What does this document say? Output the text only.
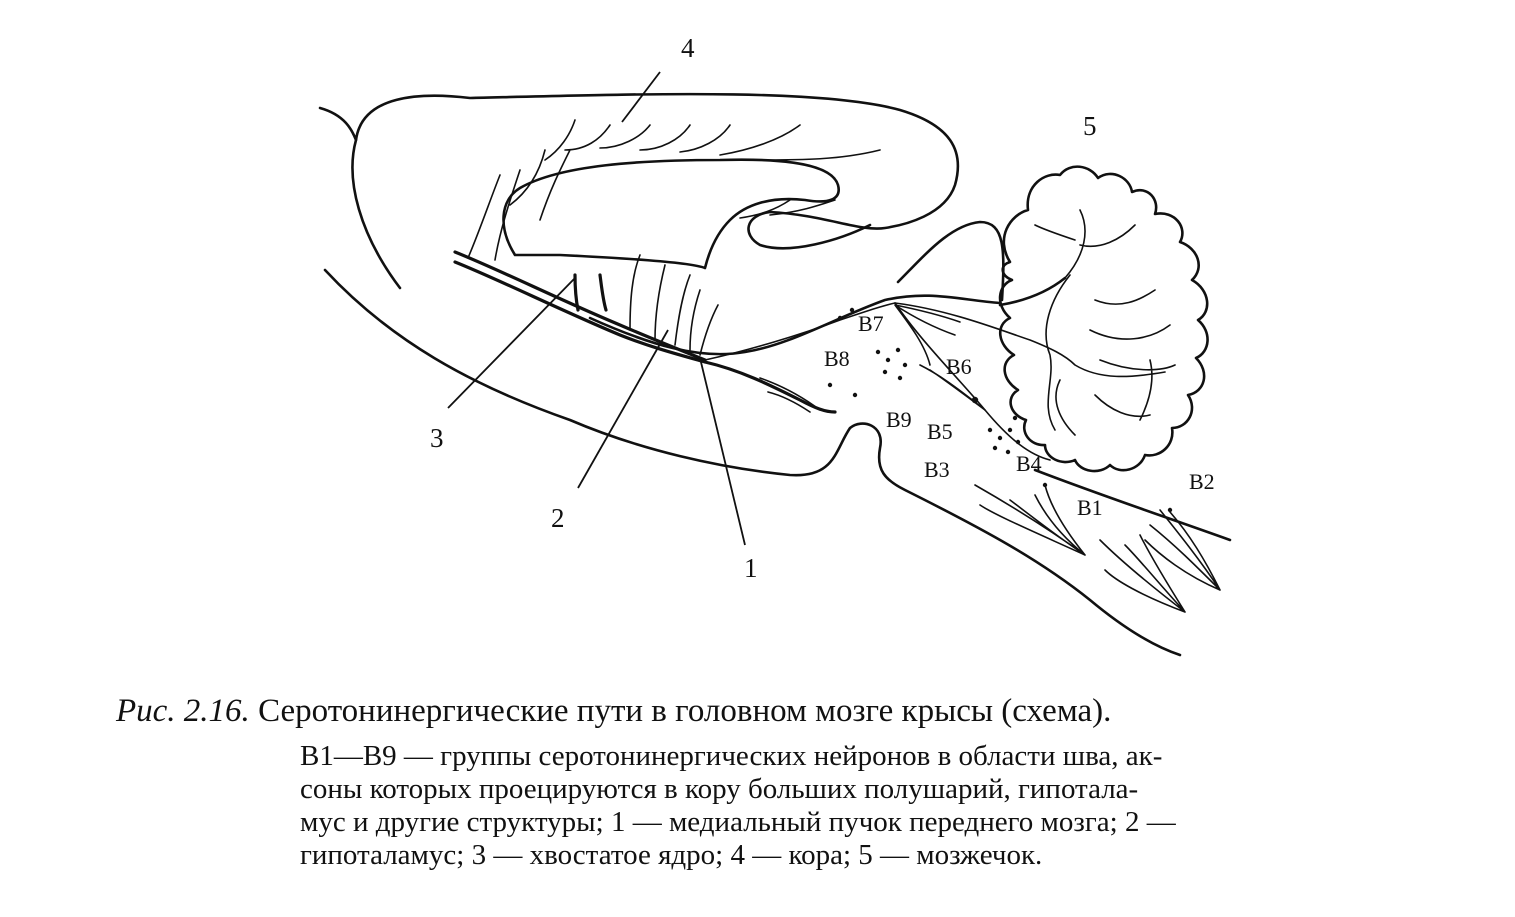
1
2
3
4
5
B1
B2
B3	B4
B5
B6
B7
B8
B9

Рис. 2.16. Серотонинергические пути в головном мозге крысы (схема).

В1—В9 — группы серотонинергических нейронов в области шва, ак-
соны которых проецируются в кору больших полушарий, гипотала-
мус и другие структуры; 1 — медиальный пучок переднего мозга; 2 —
гипоталамус; 3 — хвостатое ядро; 4 — кора; 5 — мозжечок.
